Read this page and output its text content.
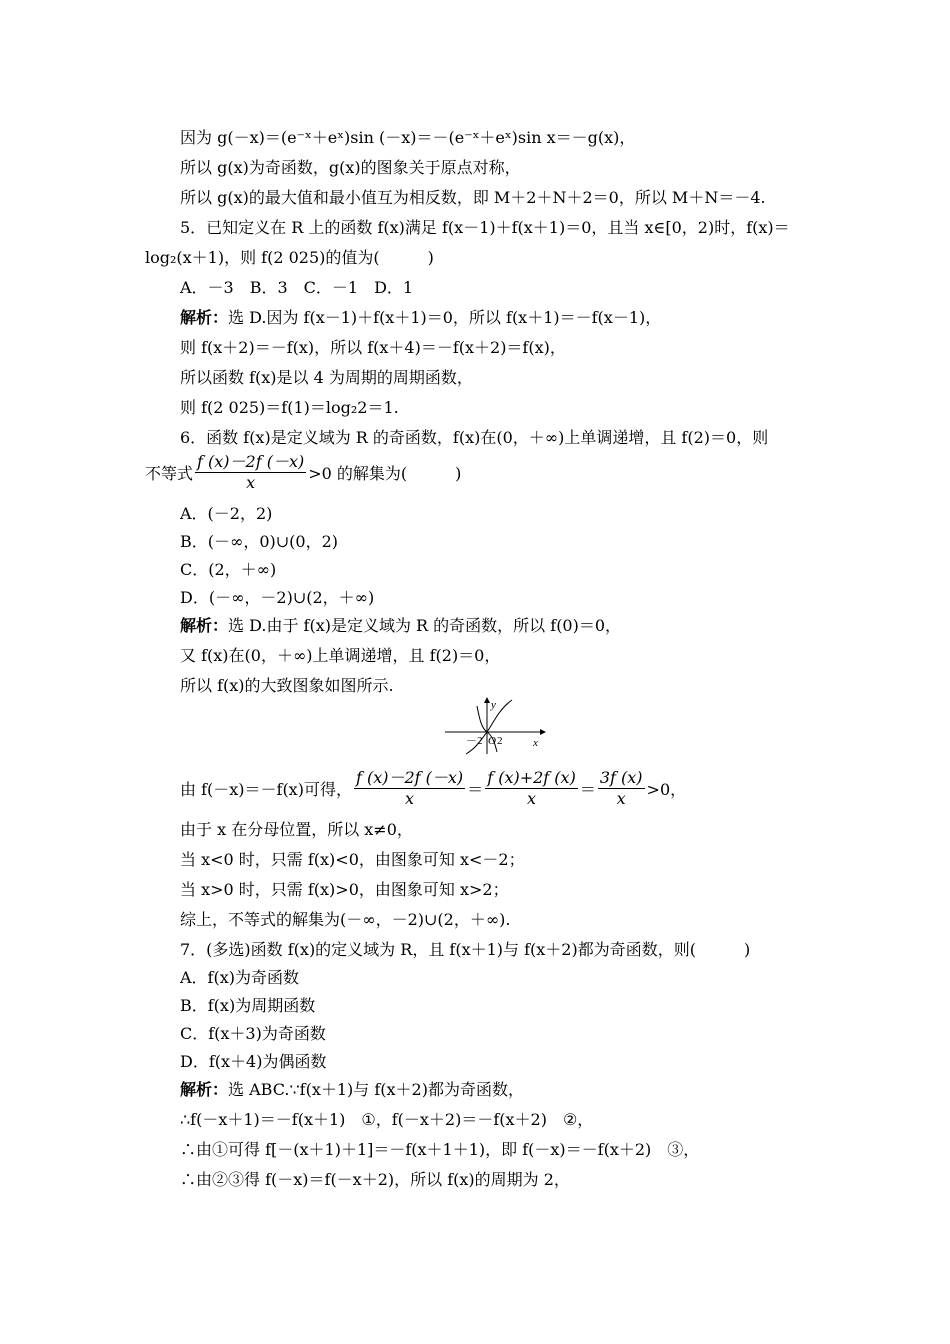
因为 g(－x)＝(e⁻ˣ＋eˣ)sin (－x)＝－(e⁻ˣ＋eˣ)sin x＝－g(x)，
所以 g(x)为奇函数，g(x)的图象关于原点对称，
所以 g(x)的最大值和最小值互为相反数，即 M＋2＋N＋2＝0，所以 M＋N＝－4.
5．已知定义在 R 上的函数 f(x)满足 f(x－1)＋f(x＋1)＝0，且当 x∈[0，2)时，f(x)＝
log₂(x＋1)，则 f(2 025)的值为(　　　)
A．－3　B．3　C．－1　D．1
解析：选 D.因为 f(x－1)＋f(x＋1)＝0，所以 f(x＋1)＝－f(x－1)，
则 f(x＋2)＝－f(x)，所以 f(x＋4)＝－f(x＋2)＝f(x)，
所以函数 f(x)是以 4 为周期的周期函数，
则 f(2 025)＝f(1)＝log₂2＝1.
6．函数 f(x)是定义域为 R 的奇函数，f(x)在(0，＋∞)上单调递增，且 f(2)＝0，则
不等式 $\frac{f (x)-2f (-x)}{x} >0$ 的解集为(　　　)
A．(－2，2)
B．(－∞，0)∪(0，2)
C．(2，＋∞)
D．(－∞，－2)∪(2，＋∞)
解析：选 D.由于 f(x)是定义域为 R 的奇函数，所以 f(0)＝0，
又 f(x)在(0，＋∞)上单调递增，且 f(2)＝0，
所以 f(x)的大致图象如图所示.
y
x
－2 O 2
由 f(－x)＝－f(x)可得， $\frac{f (x)-2f (-x)}{x} = \frac{f (x)+2f (x)}{x} = \frac{3f (x)}{x} >0$，
由于 x 在分母位置，所以 x≠0，
当 x<0 时，只需 f(x)<0，由图象可知 x<－2；
当 x>0 时，只需 f(x)>0，由图象可知 x>2；
综上，不等式的解集为(－∞，－2)∪(2，＋∞).
7．(多选)函数 f(x)的定义域为 R，且 f(x＋1)与 f(x＋2)都为奇函数，则(　　　)
A．f(x)为奇函数
B．f(x)为周期函数
C．f(x＋3)为奇函数
D．f(x＋4)为偶函数
解析：选 ABC.∵f(x＋1)与 f(x＋2)都为奇函数，
∴f(－x＋1)＝－f(x＋1)　①，f(－x＋2)＝－f(x＋2)　②，
∴由①可得 f[－(x＋1)＋1]＝－f(x＋1＋1)，即 f(－x)＝－f(x＋2)　③，
∴由②③得 f(－x)＝f(－x＋2)，所以 f(x)的周期为 2，
